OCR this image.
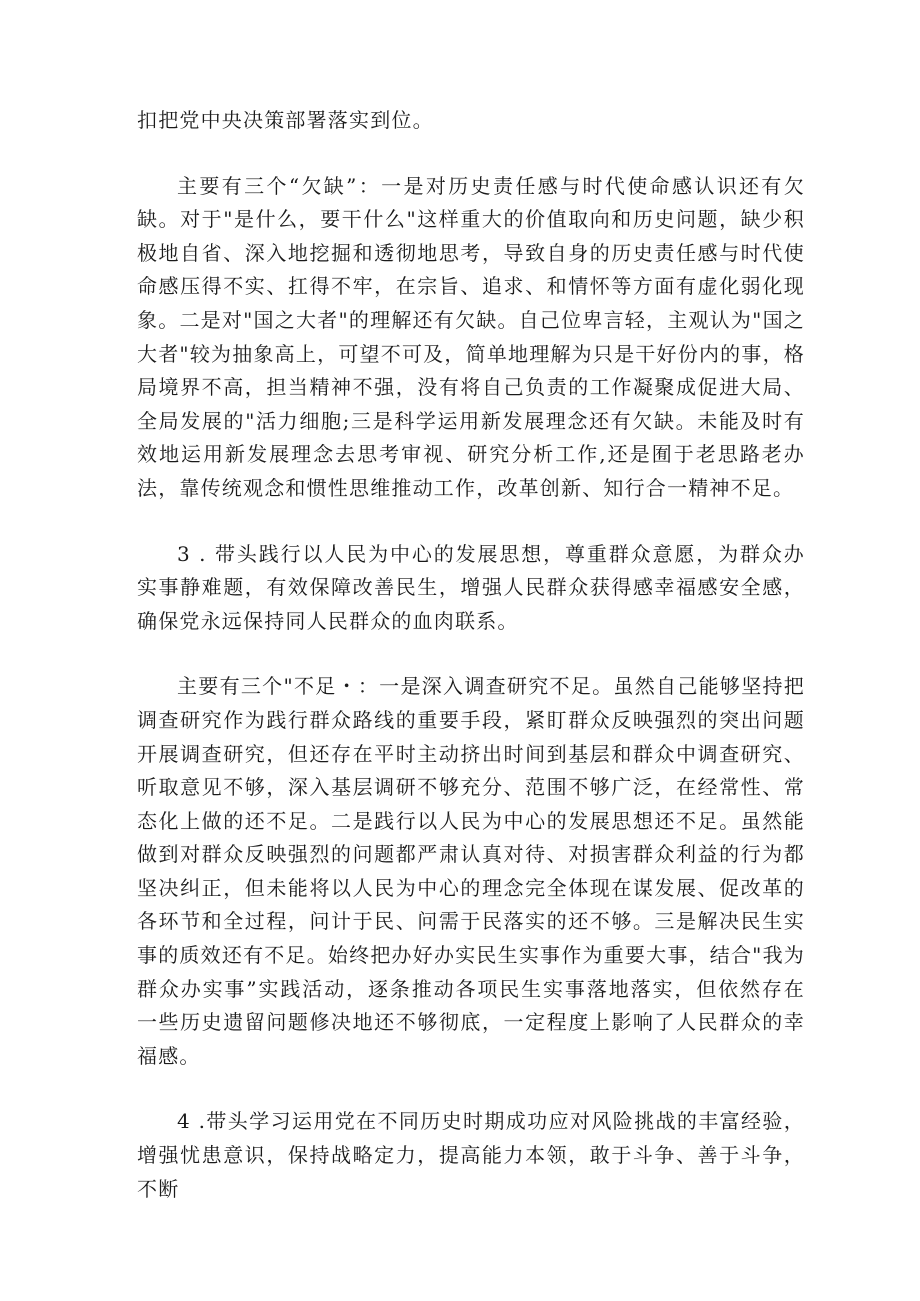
扣把党中央决策部署落实到位。

主要有三个“欠缺”：一是对历史责任感与时代使命感认识还有欠缺。对于"是什么，要干什么"这样重大的价值取向和历史问题，缺少积极地自省、深入地挖掘和透彻地思考，导致自身的历史责任感与时代使命感压得不实、扛得不牢，在宗旨、追求、和情怀等方面有虚化弱化现象。二是对"国之大者"的理解还有欠缺。自己位卑言轻，主观认为"国之大者"较为抽象高上，可望不可及，简单地理解为只是干好份内的事，格局境界不高，担当精神不强，没有将自己负责的工作凝聚成促进大局、全局发展的"活力细胞;三是科学运用新发展理念还有欠缺。未能及时有效地运用新发展理念去思考审视、研究分析工作,还是囿于老思路老办法，靠传统观念和惯性思维推动工作，改革创新、知行合一精神不足。

3 . 带头践行以人民为中心的发展思想，尊重群众意愿，为群众办实事静难题，有效保障改善民生，增强人民群众获得感幸福感安全感，确保党永远保持同人民群众的血肉联系。

主要有三个"不足・：一是深入调查研究不足。虽然自己能够坚持把调查研究作为践行群众路线的重要手段，紧盯群众反映强烈的突出问题开展调查研究，但还存在平时主动挤出时间到基层和群众中调查研究、听取意见不够，深入基层调研不够充分、范围不够广泛，在经常性、常态化上做的还不足。二是践行以人民为中心的发展思想还不足。虽然能做到对群众反映强烈的问题都严肃认真对待、对损害群众利益的行为都坚决纠正，但未能将以人民为中心的理念完全体现在谋发展、促改革的各环节和全过程，问计于民、问需于民落实的还不够。三是解决民生实事的质效还有不足。始终把办好办实民生实事作为重要大事，结合"我为群众办实事”实践活动，逐条推动各项民生实事落地落实，但依然存在一些历史遗留问题修决地还不够彻底，一定程度上影响了人民群众的幸福感。

4 .带头学习运用党在不同历史时期成功应对风险挑战的丰富经验，增强忧患意识，保持战略定力，提高能力本领，敢于斗争、善于斗争，不断
